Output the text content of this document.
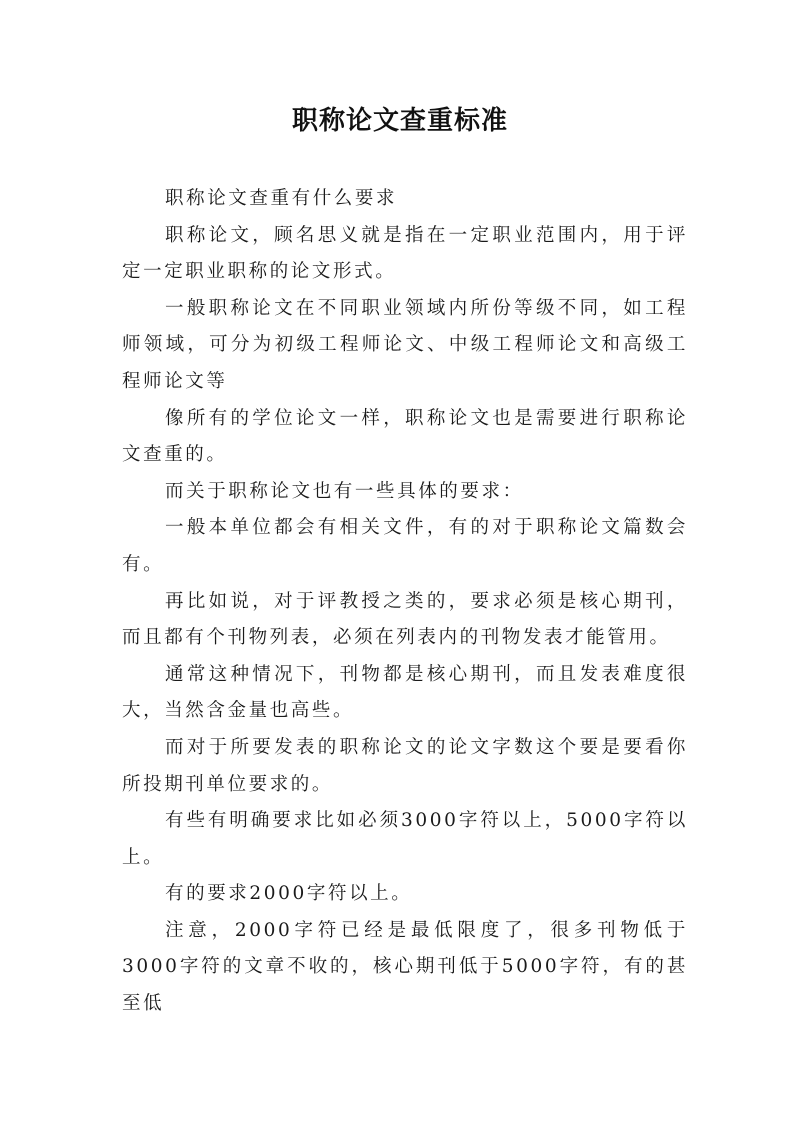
职称论文查重标准

职称论文查重有什么要求

职称论文，顾名思义就是指在一定职业范围内，用于评定一定职业职称的论文形式。

一般职称论文在不同职业领域内所份等级不同，如工程师领域，可分为初级工程师论文、中级工程师论文和高级工程师论文等

像所有的学位论文一样，职称论文也是需要进行职称论文查重的。

而关于职称论文也有一些具体的要求：

一般本单位都会有相关文件，有的对于职称论文篇数会有。

再比如说，对于评教授之类的，要求必须是核心期刊，而且都有个刊物列表，必须在列表内的刊物发表才能管用。

通常这种情况下，刊物都是核心期刊，而且发表难度很大，当然含金量也高些。

而对于所要发表的职称论文的论文字数这个要是要看你所投期刊单位要求的。

有些有明确要求比如必须3000字符以上，5000字符以上。

有的要求2000字符以上。

注意，2000字符已经是最低限度了，很多刊物低于3000字符的文章不收的，核心期刊低于5000字符，有的甚至低
